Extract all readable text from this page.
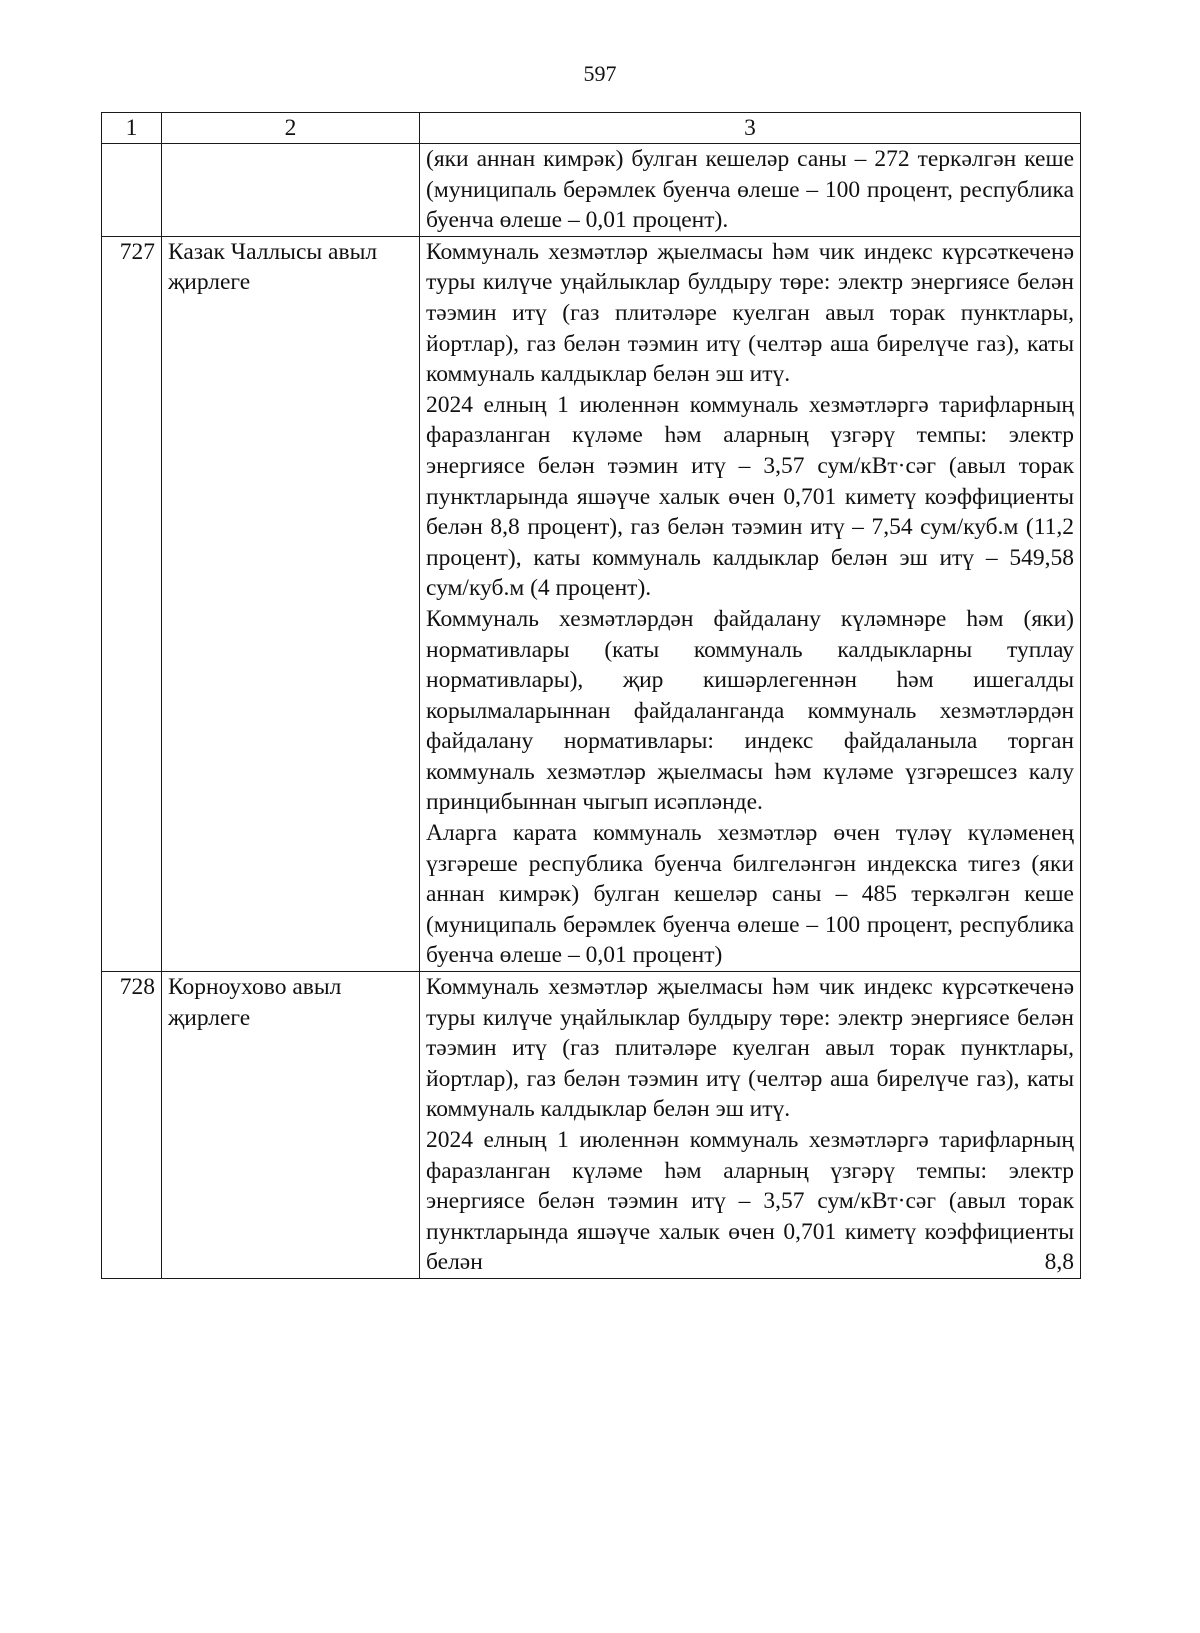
597
1	2	3

		(яки аннан кимрәк) булган кешеләр саны – 272 теркәлгән кеше (муниципаль берәмлек буенча өлеше – 100 процент, республика буенча өлеше – 0,01 процент).

727	Казак Чаллысы авыл җирлеге	Коммуналь хезмәтләр җыелмасы һәм чик индекс күрсәткеченә туры килүче уңайлыклар булдыру төре: электр энергиясе белән тәэмин итү (газ плитәләре куелган авыл торак пунктлары, йортлар), газ белән тәэмин итү (челтәр аша бирелүче газ), каты коммуналь калдыклар белән эш итү.

2024 елның 1 июленнән коммуналь хезмәтләргә тарифларның фаразланган күләме һәм аларның үзгәрү темпы: электр энергиясе белән тәэмин итү – 3,57 сум/кВт·сәг (авыл торак пунктларында яшәүче халык өчен 0,701 киметү коэффициенты белән 8,8 процент), газ белән тәэмин итү – 7,54 сум/куб.м (11,2 процент), каты коммуналь калдыклар белән эш итү – 549,58 сум/куб.м (4 процент).

Коммуналь хезмәтләрдән файдалану күләмнәре һәм (яки) нормативлары (каты коммуналь калдыкларны туплау нормативлары), җир кишәрлегеннән һәм ишегалды корылмаларыннан файдаланганда коммуналь хезмәтләрдән файдалану нормативлары: индекс файдаланыла торган коммуналь хезмәтләр җыелмасы һәм күләме үзгәрешсез калу принцибыннан чыгып исәпләнде.

Аларга карата коммуналь хезмәтләр өчен түләү күләменең үзгәреше республика буенча билгеләнгән индекска тигез (яки аннан кимрәк) булган кешеләр саны – 485 теркәлгән кеше (муниципаль берәмлек буенча өлеше – 100 процент, республика буенча өлеше – 0,01 процент)

728	Корноухово авыл җирлеге	Коммуналь хезмәтләр җыелмасы һәм чик индекс күрсәткеченә туры килүче уңайлыклар булдыру төре: электр энергиясе белән тәэмин итү (газ плитәләре куелган авыл торак пунктлары, йортлар), газ белән тәэмин итү (челтәр аша бирелүче газ), каты коммуналь калдыклар белән эш итү.

2024 елның 1 июленнән коммуналь хезмәтләргә тарифларның фаразланган күләме һәм аларның үзгәрү темпы: электр энергиясе белән тәэмин итү – 3,57 сум/кВт·сәг (авыл торак пунктларында яшәүче халык өчен 0,701 киметү коэффициенты белән 8,8
